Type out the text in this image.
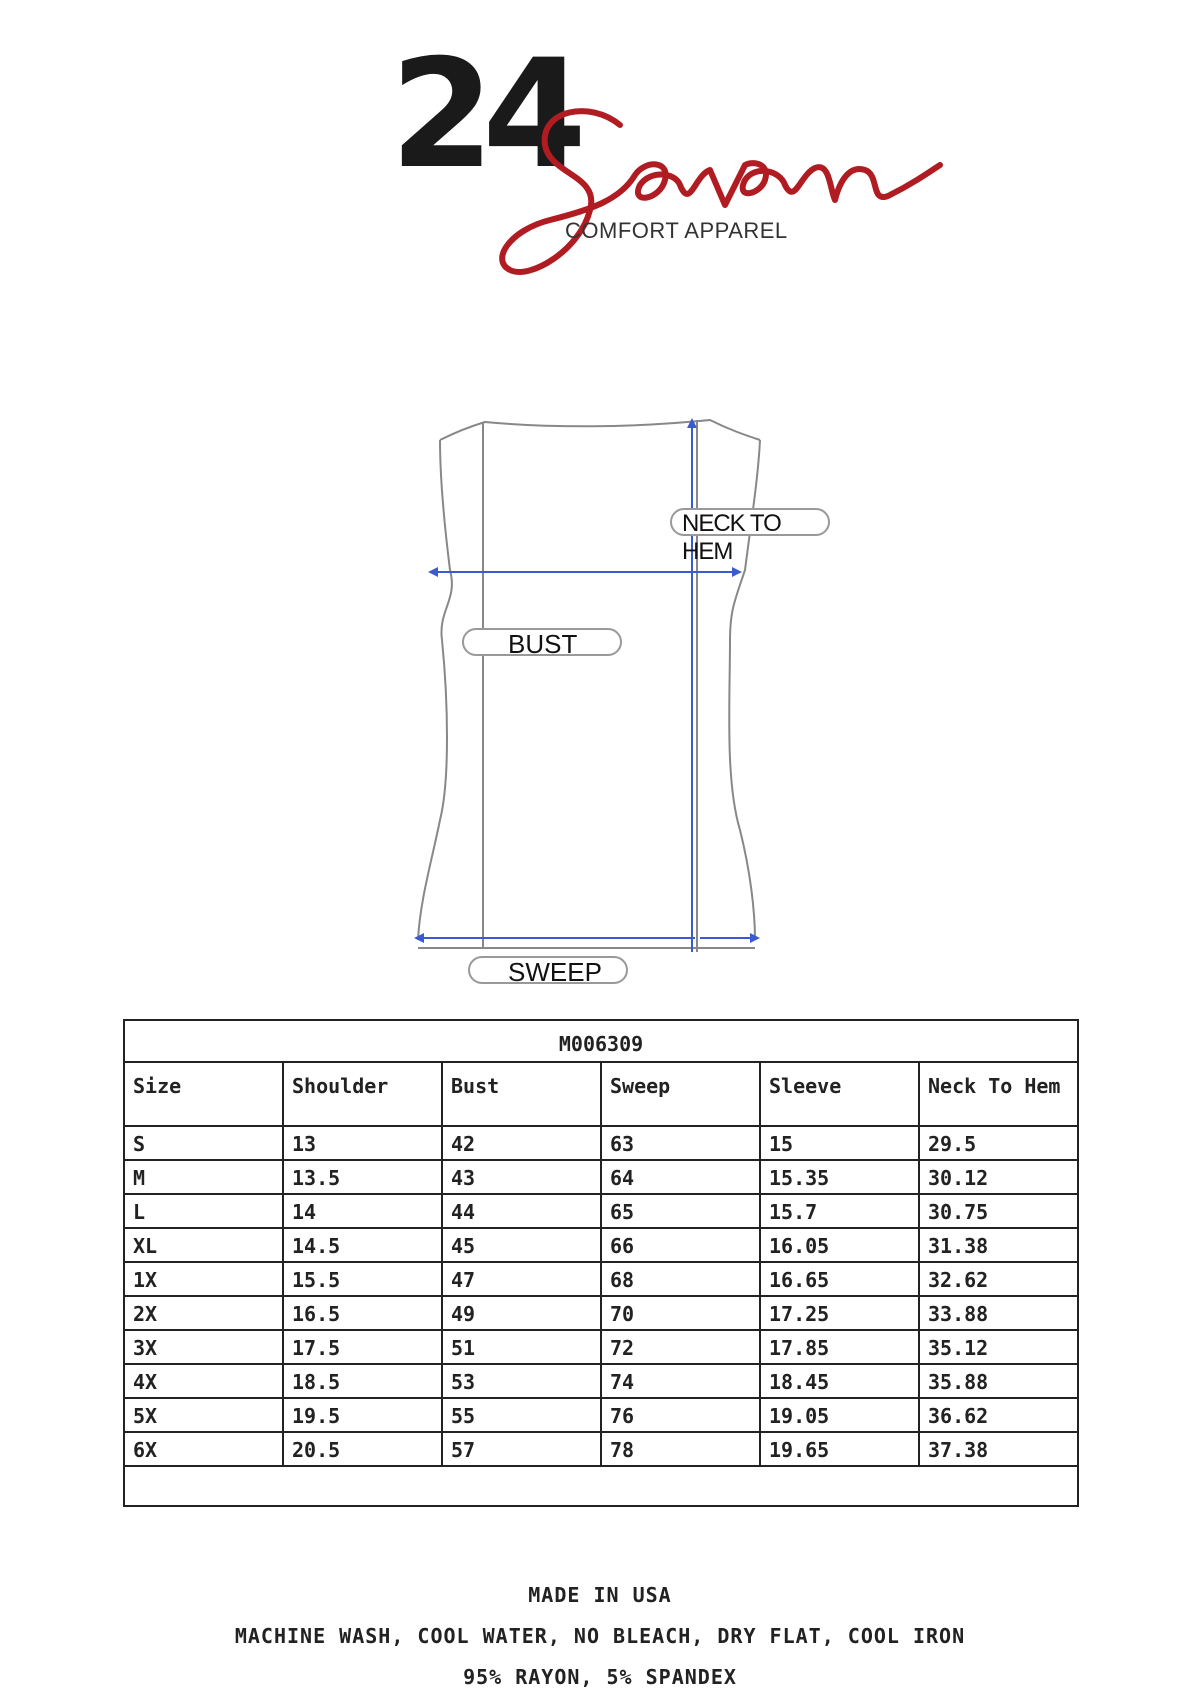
24
COMFORT APPAREL
NECK TO HEM
BUST
SWEEP
M006309					
Size	Shoulder	Bust	Sweep	Sleeve	Neck To Hem
S	13	42	63	15	29.5
M	13.5	43	64	15.35	30.12
L	14	44	65	15.7	30.75
XL	14.5	45	66	16.05	31.38
1X	15.5	47	68	16.65	32.62
2X	16.5	49	70	17.25	33.88
3X	17.5	51	72	17.85	35.12
4X	18.5	53	74	18.45	35.88
5X	19.5	55	76	19.05	36.62
6X	20.5	57	78	19.65	37.38

MADE IN USA
MACHINE WASH, COOL WATER, NO BLEACH, DRY FLAT, COOL IRON
95% RAYON, 5% SPANDEX
